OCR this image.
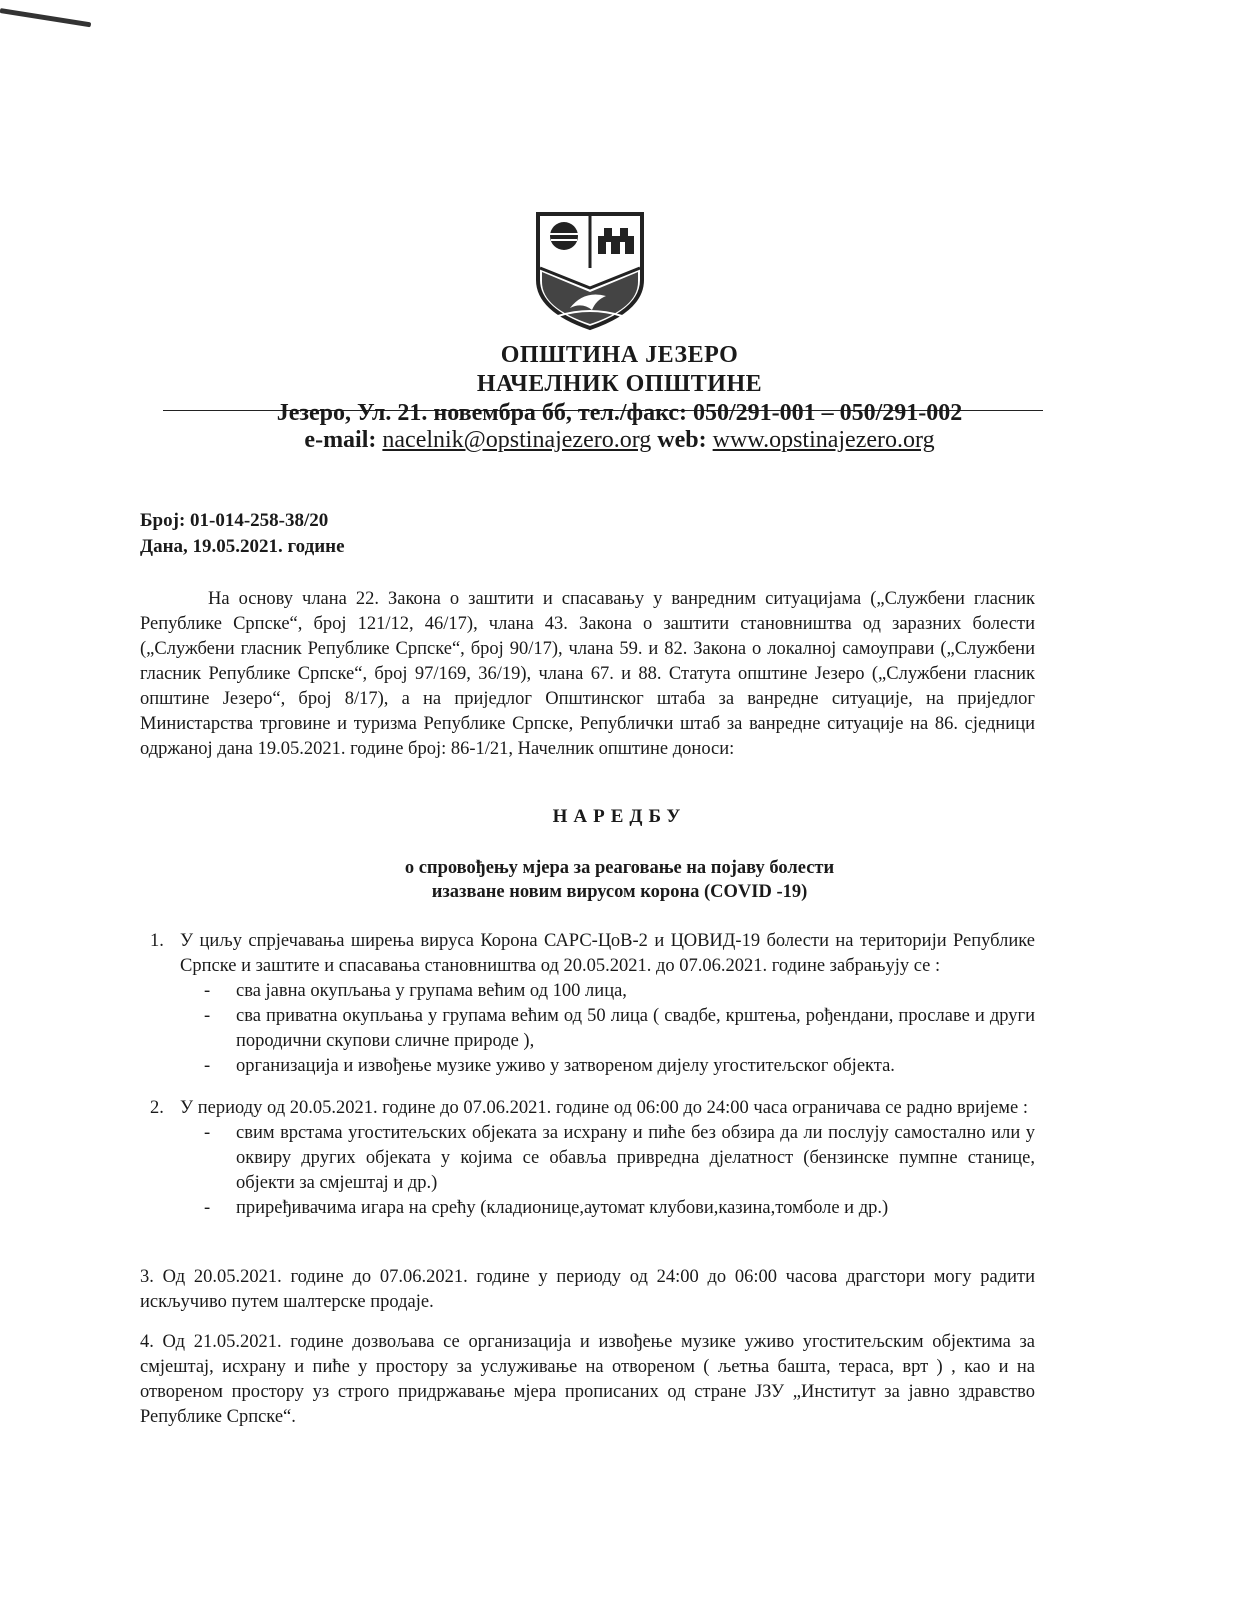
ОПШТИНА ЈЕЗЕРО
НАЧЕЛНИК ОПШТИНЕ
Језеро, Ул. 21. новембра бб, тел./факс: 050/291-001 – 050/291-002
e-mail: nacelnik@opstinajezero.org web: www.opstinajezero.org
Број: 01-014-258-38/20
Дана, 19.05.2021. године
На основу члана 22. Закона о заштити и спасавању у ванредним ситуацијама („Службени гласник Републике Српске“, број 121/12, 46/17), члана 43. Закона о заштити становништва од заразних болести („Службени гласник Републике Српске“, број 90/17), члана 59. и 82. Закона о локалној самоуправи („Службени гласник Републике Српске“, број 97/169, 36/19), члана 67. и 88. Статута општине Језеро („Службени гласник општине Језеро“, број 8/17), а на приједлог Општинског штаба за ванредне ситуације, на приједлог Министарства трговине и туризма Републике Српске, Републички штаб за ванредне ситуације на 86. сједници одржаној дана 19.05.2021. године број: 86-1/21, Начелник општине доноси:
НАРЕДБУ
о спровођењу мјера за реаговање на појаву болести
изазване новим вирусом корона (COVID -19)
1. У циљу спрјечавања ширења вируса Корона САРС-ЦоВ-2 и ЦОВИД-19 болести на територији Републике Српске и заштите и спасавања становништва од 20.05.2021. до 07.06.2021. године забрањују се :
- сва јавна окупљања у групама већим од 100 лица,
- сва приватна окупљања у групама већим од 50 лица ( свадбе, крштења, рођендани, прославе и други породични скупови сличне природе ),
- организација и извођење музике уживо у затвореном дијелу угоститељског објекта.
2. У периоду од 20.05.2021. године до 07.06.2021. године од 06:00 до 24:00 часа ограничава се радно вријеме :
- свим врстама угоститељских објеката за исхрану и пиће без обзира да ли послују самостално или у оквиру других објеката у којима се обавља привредна дјелатност (бензинске пумпне станице, објекти за смјештај и др.)
- приређивачима игара на срећу (кладионице,аутомат клубови,казина,томболе и др.)
3. Од 20.05.2021. године до 07.06.2021. године у периоду од 24:00 до 06:00 часова драгстори могу радити искључиво путем шалтерске продаје.
4. Од 21.05.2021. године дозвољава се организација и извођење музике уживо угоститељским објектима за смјештај, исхрану и пиће у простору за услуживање на отвореном ( љетња башта, тераса, врт ) , као и на отвореном простору уз строго придржавање мјера прописаних од стране ЈЗУ „Институт за јавно здравство Републике Српске“.
